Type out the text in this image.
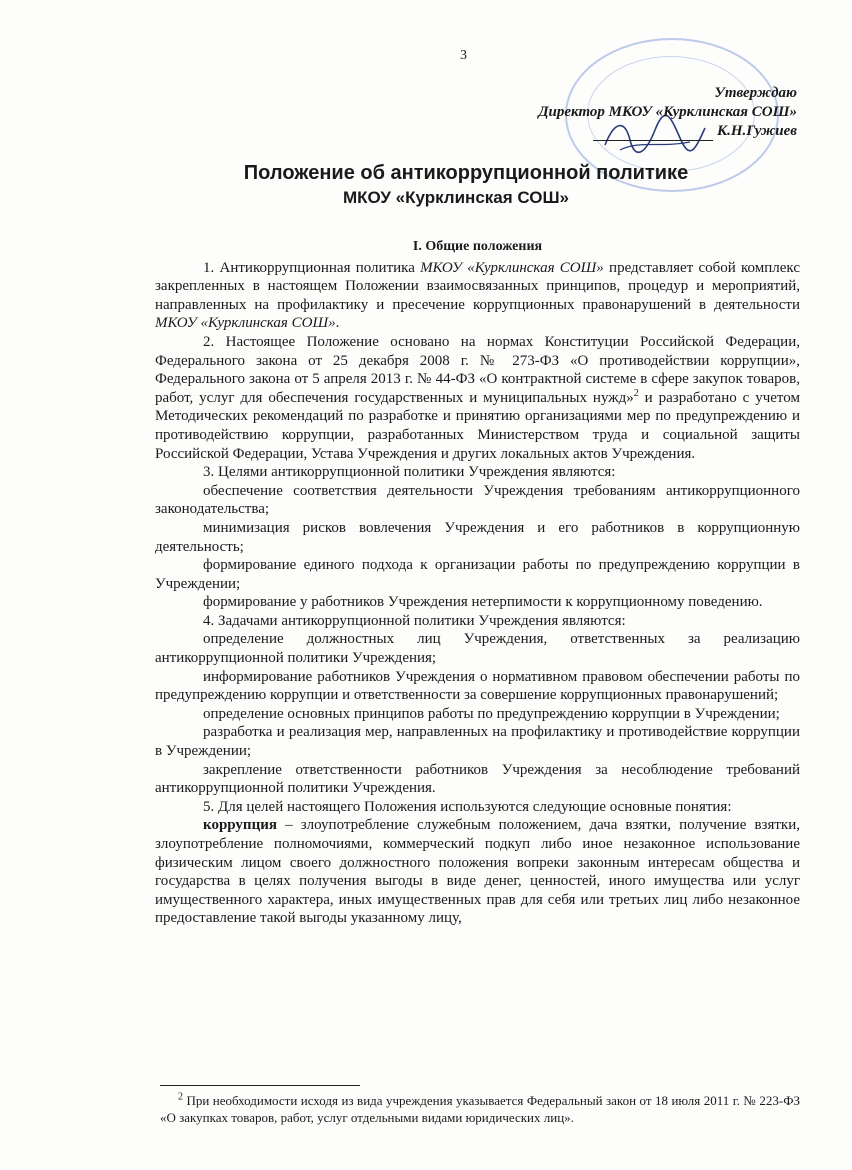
3
Утверждаю
Директор МКОУ «Курклинская СОШ»
К.Н.Гужиев
Положение об антикоррупционной политике
МКОУ «Курклинская СОШ»
I. Общие положения

1. Антикоррупционная политика МКОУ «Курклинская СОШ» представляет собой комплекс закрепленных в настоящем Положении взаимосвязанных принципов, процедур и мероприятий, направленных на профилактику и пресечение коррупционных правонарушений в деятельности МКОУ «Курклинская СОШ».

2. Настоящее Положение основано на нормах Конституции Российской Федерации, Федерального закона от 25 декабря 2008 г. № 273-ФЗ «О противодействии коррупции», Федерального закона от 5 апреля 2013 г. № 44-ФЗ «О контрактной системе в сфере закупок товаров, работ, услуг для обеспечения государственных и муниципальных нужд»$^2$ и разработано с учетом Методических рекомендаций по разработке и принятию организациями мер по предупреждению и противодействию коррупции, разработанных Министерством труда и социальной защиты Российской Федерации, Устава Учреждения и других локальных актов Учреждения.

3. Целями антикоррупционной политики Учреждения являются:

обеспечение соответствия деятельности Учреждения требованиям антикоррупционного законодательства;

минимизация рисков вовлечения Учреждения и его работников в коррупционную деятельность;

формирование единого подхода к организации работы по предупреждению коррупции в Учреждении;

формирование у работников Учреждения нетерпимости к коррупционному поведению.

4. Задачами антикоррупционной политики Учреждения являются:

определение должностных лиц Учреждения, ответственных за реализацию антикоррупционной политики Учреждения;

информирование работников Учреждения о нормативном правовом обеспечении работы по предупреждению коррупции и ответственности за совершение коррупционных правонарушений;

определение основных принципов работы по предупреждению коррупции в Учреждении;

разработка и реализация мер, направленных на профилактику и противодействие коррупции в Учреждении;

закрепление ответственности работников Учреждения за несоблюдение требований антикоррупционной политики Учреждения.

5. Для целей настоящего Положения используются следующие основные понятия:

коррупция – злоупотребление служебным положением, дача взятки, получение взятки, злоупотребление полномочиями, коммерческий подкуп либо иное незаконное использование физическим лицом своего должностного положения вопреки законным интересам общества и государства в целях получения выгоды в виде денег, ценностей, иного имущества или услуг имущественного характера, иных имущественных прав для себя или третьих лиц либо незаконное предоставление такой выгоды указанному лицу,

$^2$ При необходимости исходя из вида учреждения указывается Федеральный закон от 18 июля 2011 г. № 223-ФЗ «О закупках товаров, работ, услуг отдельными видами юридических лиц».
